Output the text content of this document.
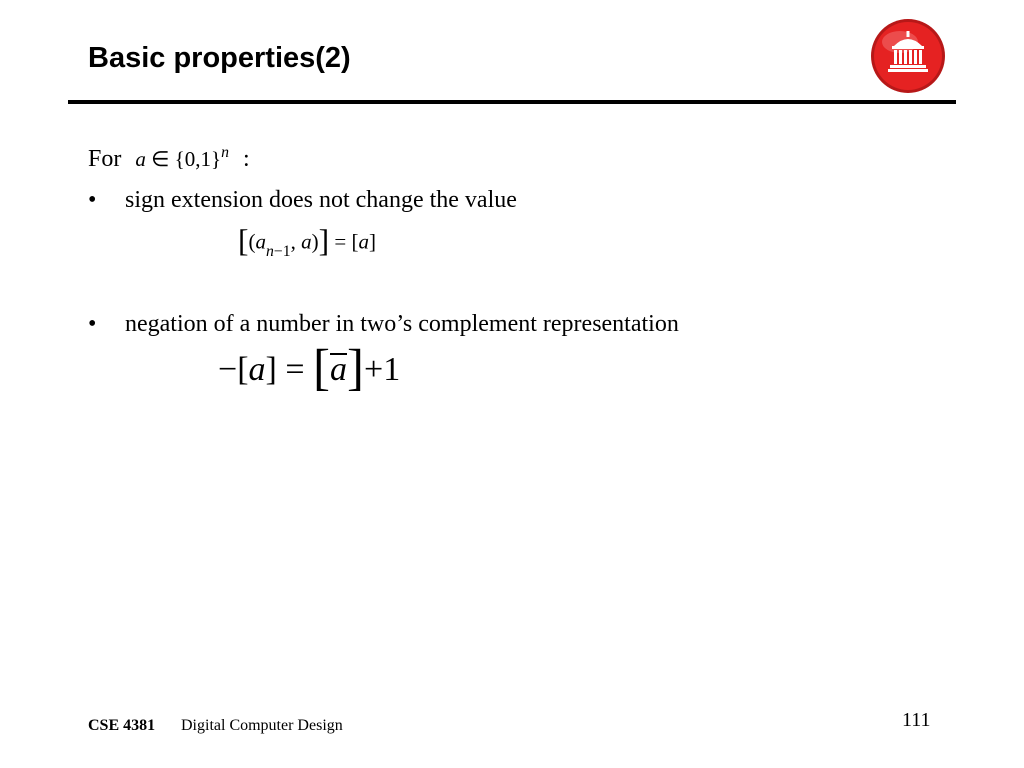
Basic properties(2)
For a ∈ $\{0,1\}^n$ :
• sign extension does not change the value
[($a_{n-1}$, a)] = [a]
• negation of a number in two’s complement representation
−[a] = [a]+1
CSE 4381 Digital Computer Design	111
